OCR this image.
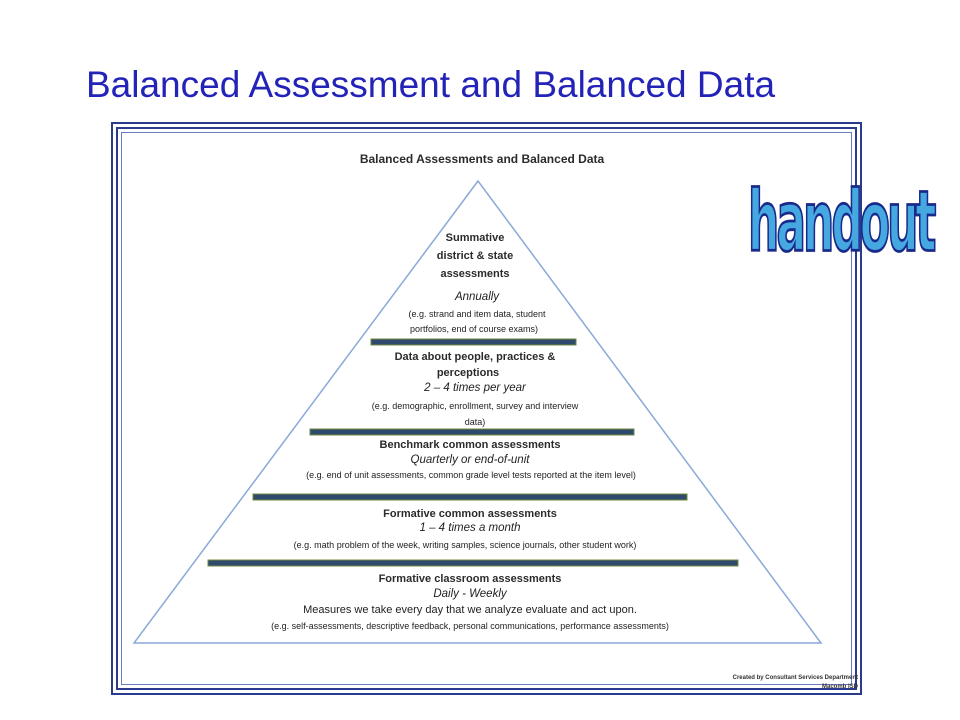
Balanced Assessment and Balanced Data
Balanced Assessments and Balanced Data
Summative
district & state
assessments
Annually
(e.g. strand and item data, student
portfolios, end of course exams)
Data about people, practices &
perceptions
2 – 4 times per year
(e.g. demographic, enrollment, survey and interview
data)
Benchmark common assessments
Quarterly or end-of-unit
(e.g. end of unit assessments, common grade level tests reported at the item level)
Formative common assessments
1 – 4 times a month
(e.g. math problem of the week, writing samples, science journals, other student work)
Formative classroom assessments
Daily - Weekly
Measures we take every day that we analyze evaluate and act upon.
(e.g. self-assessments, descriptive feedback, personal communications, performance assessments)
Created by Consultant Services Department
Macomb ISD
handout
